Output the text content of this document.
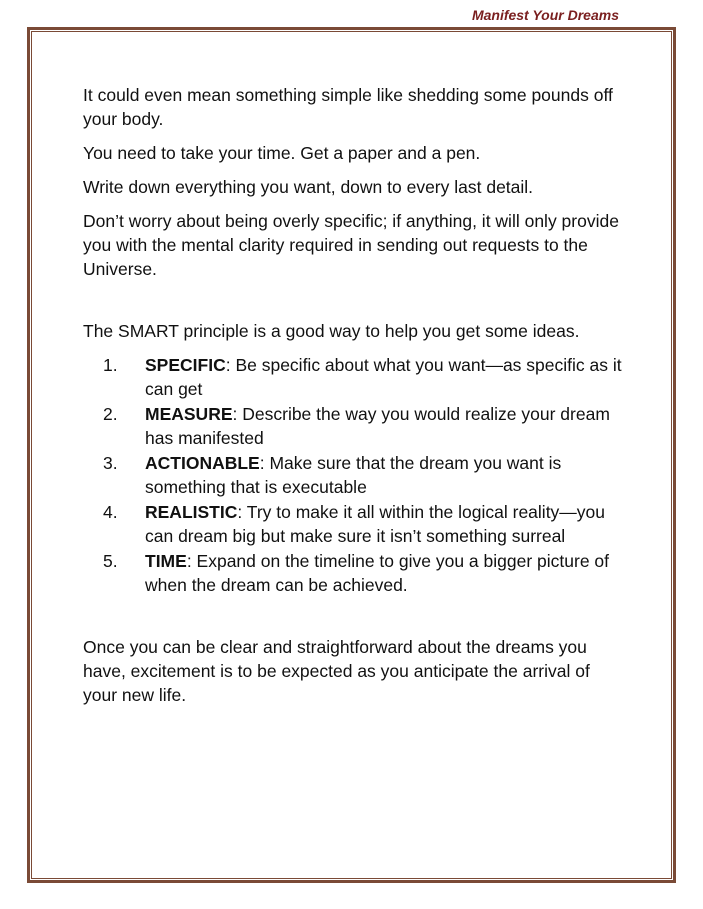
Manifest Your Dreams

It could even mean something simple like shedding some pounds off your body.

You need to take your time. Get a paper and a pen.

Write down everything you want, down to every last detail.

Don’t worry about being overly specific; if anything, it will only provide you with the mental clarity required in sending out requests to the Universe.

The SMART principle is a good way to help you get some ideas.

1.	SPECIFIC: Be specific about what you want—as specific as it can get
2.	MEASURE: Describe the way you would realize your dream has manifested
3.	ACTIONABLE: Make sure that the dream you want is something that is executable
4.	REALISTIC: Try to make it all within the logical reality—you can dream big but make sure it isn’t something surreal
5.	TIME: Expand on the timeline to give you a bigger picture of when the dream can be achieved.

Once you can be clear and straightforward about the dreams you have, excitement is to be expected as you anticipate the arrival of your new life.
